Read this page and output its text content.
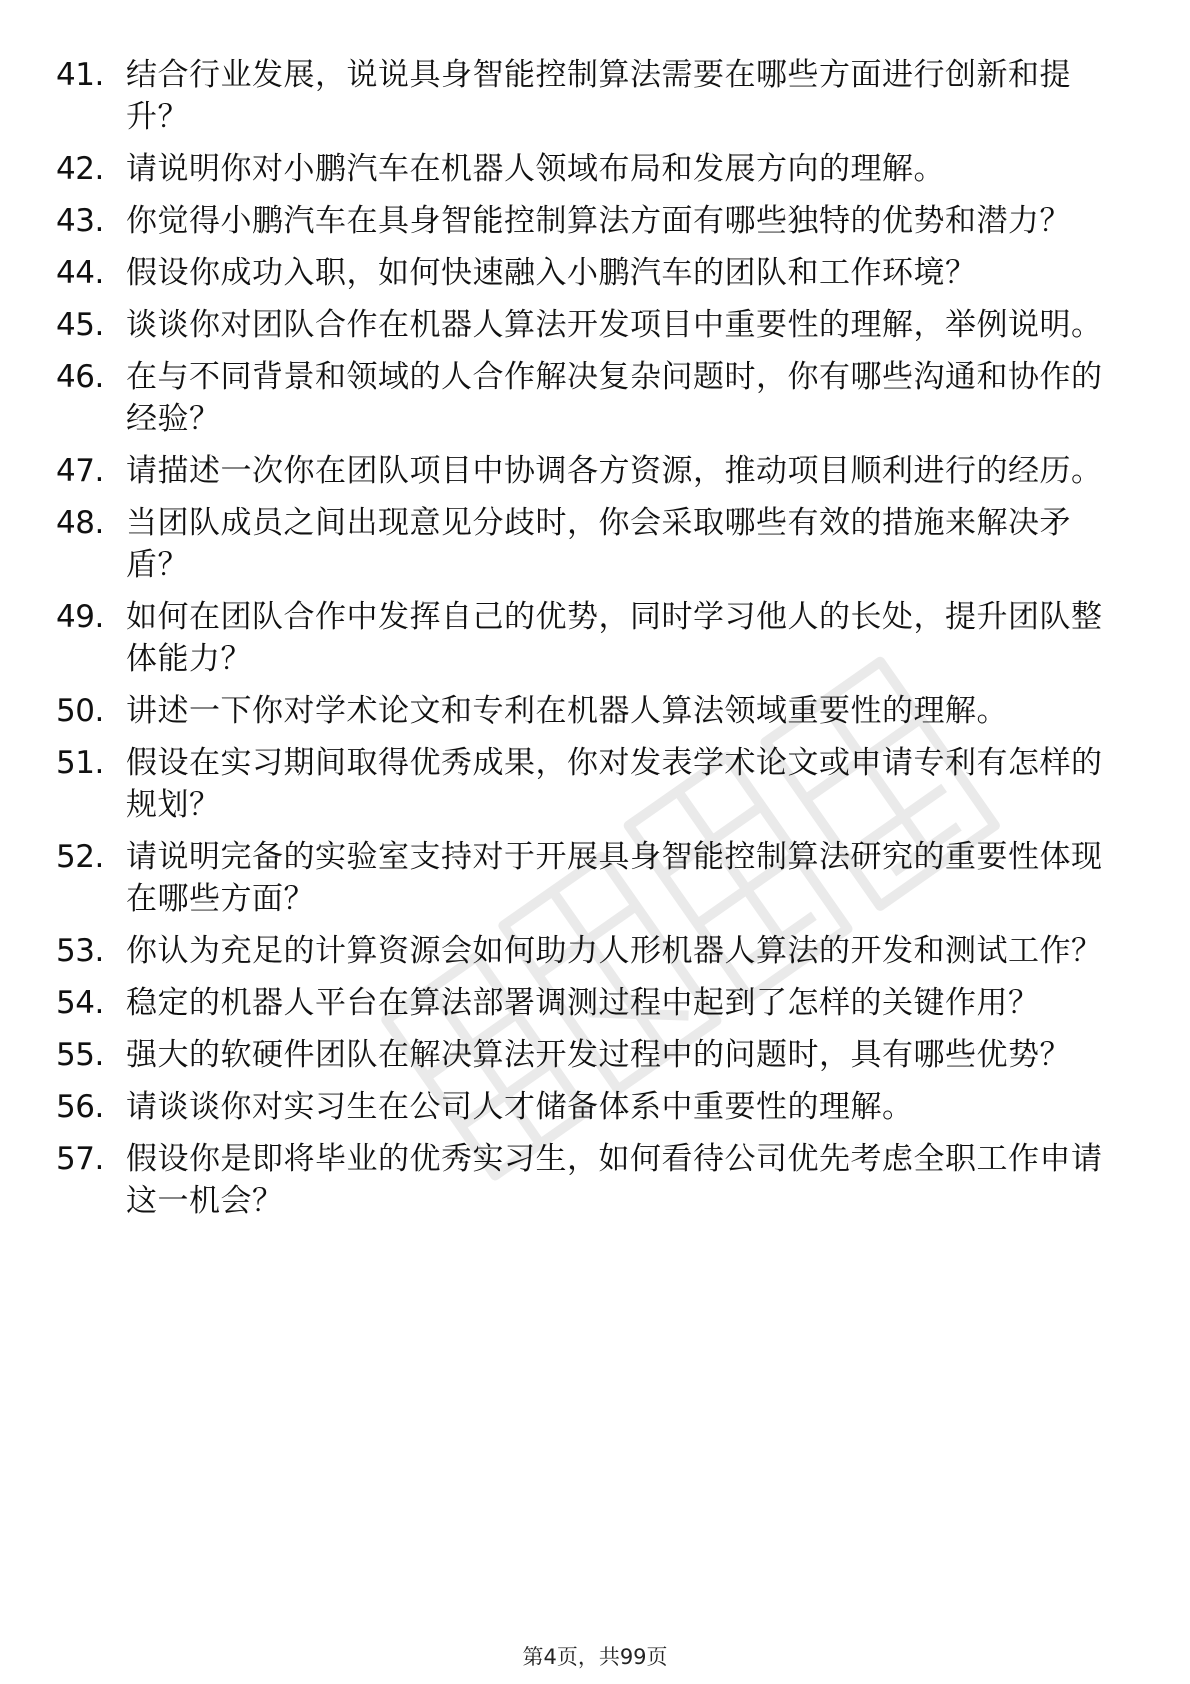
41. 结合行业发展，说说具身智能控制算法需要在哪些方面进行创新和提升？
42. 请说明你对小鹏汽车在机器人领域布局和发展方向的理解。
43. 你觉得小鹏汽车在具身智能控制算法方面有哪些独特的优势和潜力？
44. 假设你成功入职，如何快速融入小鹏汽车的团队和工作环境？
45. 谈谈你对团队合作在机器人算法开发项目中重要性的理解，举例说明。
46. 在与不同背景和领域的人合作解决复杂问题时，你有哪些沟通和协作的经验？
47. 请描述一次你在团队项目中协调各方资源，推动项目顺利进行的经历。
48. 当团队成员之间出现意见分歧时，你会采取哪些有效的措施来解决矛盾？
49. 如何在团队合作中发挥自己的优势，同时学习他人的长处，提升团队整体能力？
50. 讲述一下你对学术论文和专利在机器人算法领域重要性的理解。
51. 假设在实习期间取得优秀成果，你对发表学术论文或申请专利有怎样的规划？
52. 请说明完备的实验室支持对于开展具身智能控制算法研究的重要性体现在哪些方面？
53. 你认为充足的计算资源会如何助力人形机器人算法的开发和测试工作？
54. 稳定的机器人平台在算法部署调测过程中起到了怎样的关键作用？
55. 强大的软硬件团队在解决算法开发过程中的问题时，具有哪些优势？
56. 请谈谈你对实习生在公司人才储备体系中重要性的理解。
57. 假设你是即将毕业的优秀实习生，如何看待公司优先考虑全职工作申请这一机会？
第4页，共99页
